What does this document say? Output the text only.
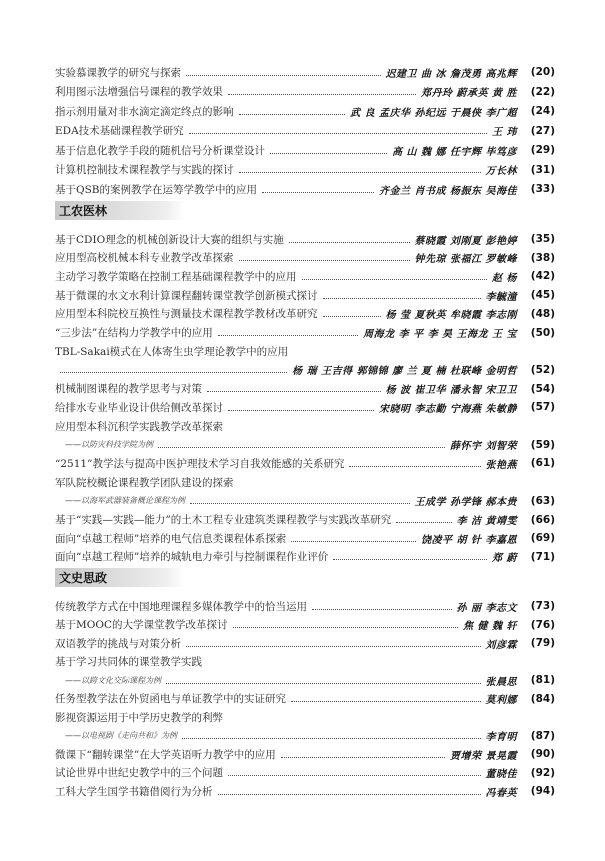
实验慕课教学的研究与探索	迟建卫 曲 冰 詹茂勇 高兆辉	(20)
利用图示法增强信号课程的教学效果	郑丹玲 蔚承英 黄 胜	(22)
指示剂用量对非水滴定滴定终点的影响	武 良 孟庆华 孙纪远 于晨侠 李广超	(24)
EDA技术基础课程教学研究	王 玮	(27)
基于信息化教学手段的随机信号分析课堂设计	高 山 魏 娜 任宇辉 毕笃彦	(29)
计算机控制技术课程教学与实践的探讨	万长林	(31)
基于QSB的案例教学在运筹学教学中的应用	齐金兰 肖书成 杨振东 吴海佳	(33)
工农医林
基于CDIO理念的机械创新设计大赛的组织与实施	蔡晓霞 刘刚夏 彭艳婷	(35)
应用型高校机械本科专业教学改革探索	钟先琼 张福江 罗敏峰	(38)
主动学习教学策略在控制工程基础课程教学中的应用	赵 杨	(42)
基于微课的水文水利计算课程翻转课堂教学创新模式探讨	李毓潼	(45)
应用型本科院校互换性与测量技术课程教学教材改革研究	杨 莹 夏秋英 牟晓霞 李志刚	(48)
“三步法”在结构力学教学中的应用	周海龙 李 平 李 昊 王海龙 王 宝	(50)
TBL-Sakai模式在人体寄生虫学理论教学中的应用
杨 瑞 王吉得 郭锦锦 廖 兰 夏 楠 杜联峰 金明哲	(52)
机械制图课程的教学思考与对策	杨 波 崔卫华 潘永智 宋卫卫	(54)
给排水专业毕业设计供给侧改革探讨	宋晓明 李志勤 宁海燕 朱敏静	(57)
应用型本科沉积学实践教学改革探索
——以防灾科技学院为例	薛怀宇 刘智荣	(59)
“2511”教学法与提高中医护理技术学习自我效能感的关系研究	张艳燕	(61)
军队院校概论课程教学团队建设的探索
——以海军武器装备概论课程为例	王成学 孙学锋 郝本贵	(63)
基于“实践—实践—能力”的土木工程专业建筑类课程教学与实践改革研究	李 洁 黄靖雯	(66)
面向“卓越工程师”培养的电气信息类课程体系探索	饶凌平 胡 针 李嘉恩	(69)
面向“卓越工程师”培养的城轨电力牵引与控制课程作业评价	郑 蔚	(71)
文史思政
传统教学方式在中国地理课程多媒体教学中的恰当运用	孙 丽 李志文	(73)
基于MOOC的大学课堂教学改革探讨	焦 健 魏 轩	(76)
双语教学的挑战与对策分析	刘彦霖	(79)
基于学习共同体的课堂教学实践
——以跨文化交际课程为例	张晨思	(81)
任务型教学法在外贸函电与单证教学中的实证研究	莫利娜	(84)
影视资源运用于中学历史教学的利弊
——以电视剧《走向共和》为例	李育明	(87)
微课下“翻转课堂”在大学英语听力教学中的应用	贾增荣 景晃霞	(90)
试论世界中世纪史教学中的三个问题	董晓佳	(92)
工科大学生国学书籍借阅行为分析	冯春英	(94)
